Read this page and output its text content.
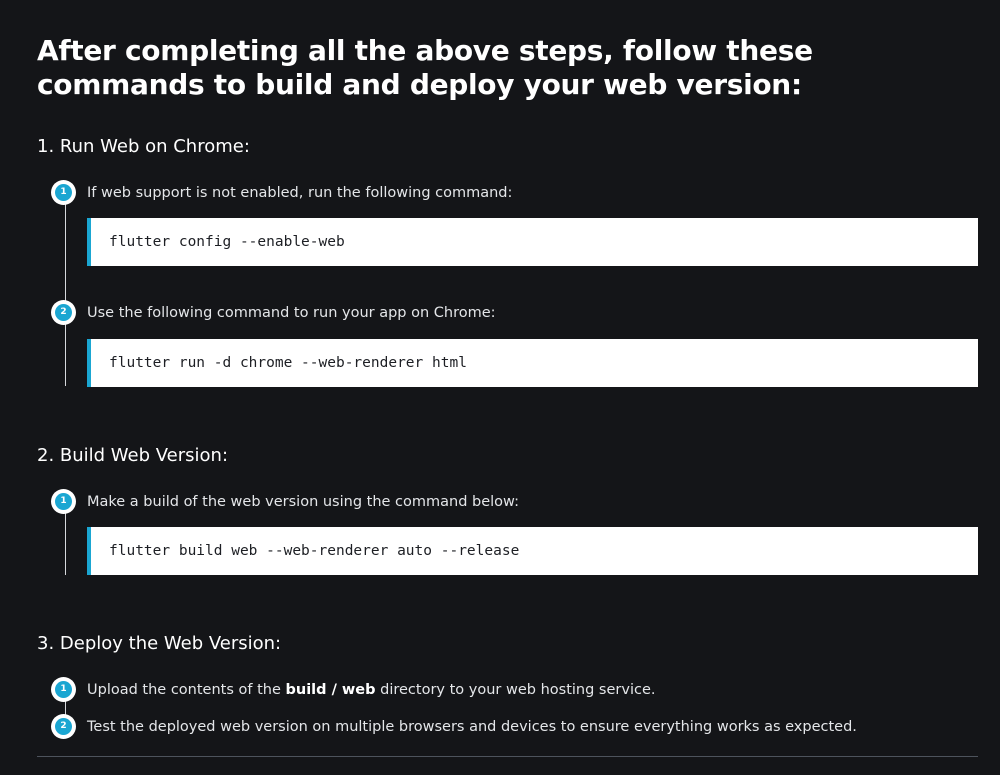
After completing all the above steps, follow these commands to build and deploy your web version:
1. Run Web on Chrome:
1	If web support is not enabled, run the following command:
flutter config --enable-web
2	Use the following command to run your app on Chrome:
flutter run -d chrome --web-renderer html
2. Build Web Version:
1	Make a build of the web version using the command below:
flutter build web --web-renderer auto --release
3. Deploy the Web Version:
1	Upload the contents of the build / web directory to your web hosting service.
2	Test the deployed web version on multiple browsers and devices to ensure everything works as expected.
